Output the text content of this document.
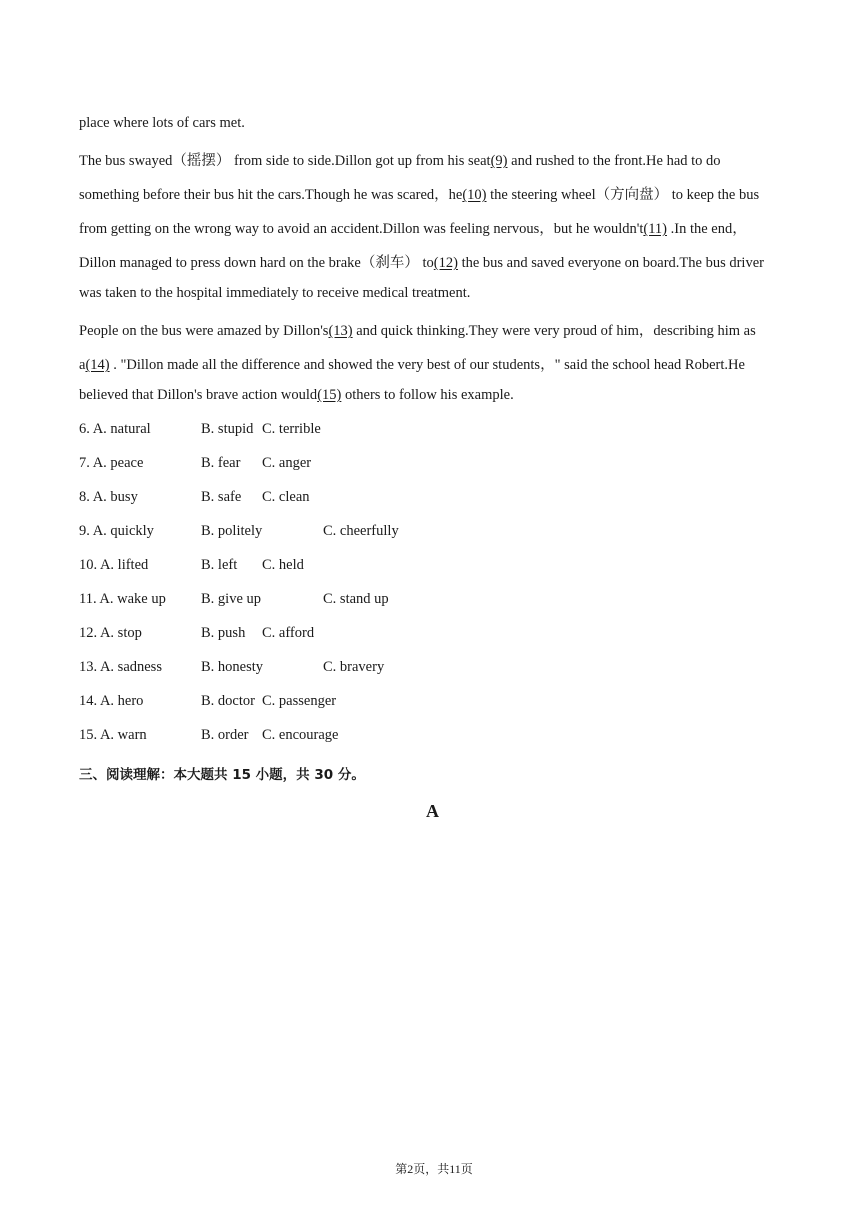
place where lots of cars met.
The bus swayed（摇摆） from side to side.Dillon got up from his seat(9) and rushed to the front.He had to do
something before their bus hit the cars.Though he was scared，he(10) the steering wheel（方向盘） to keep the bus
from getting on the wrong way to avoid an accident.Dillon was feeling nervous，but he wouldn't(11) .In the end，
Dillon managed to press down hard on the brake（刹车） to(12) the bus and saved everyone on board.The bus driver
was taken to the hospital immediately to receive medical treatment.
People on the bus were amazed by Dillon's(13) and quick thinking.They were very proud of him，describing him as
a(14) . "Dillon made all the difference and showed the very best of our students，" said the school head Robert.He
believed that Dillon's brave action would(15) others to follow his example.
6. A. natural	B. stupid C. terrible
7. A. peace	B. fear C. anger
8. A. busy	B. safe C. clean
9. A. quickly	B. politely	C. cheerfully
10. A. lifted	B. left C. held
11. A. wake up B. give up	C. stand up
12. A. stop	B. push C. afford
13. A. sadness	B. honesty	C. bravery
14. A. hero	B. doctor C. passenger
15. A. warn	B. order C. encourage
三、阅读理解：本大题共 15 小题，共 30 分。
A
第2页，共11页
